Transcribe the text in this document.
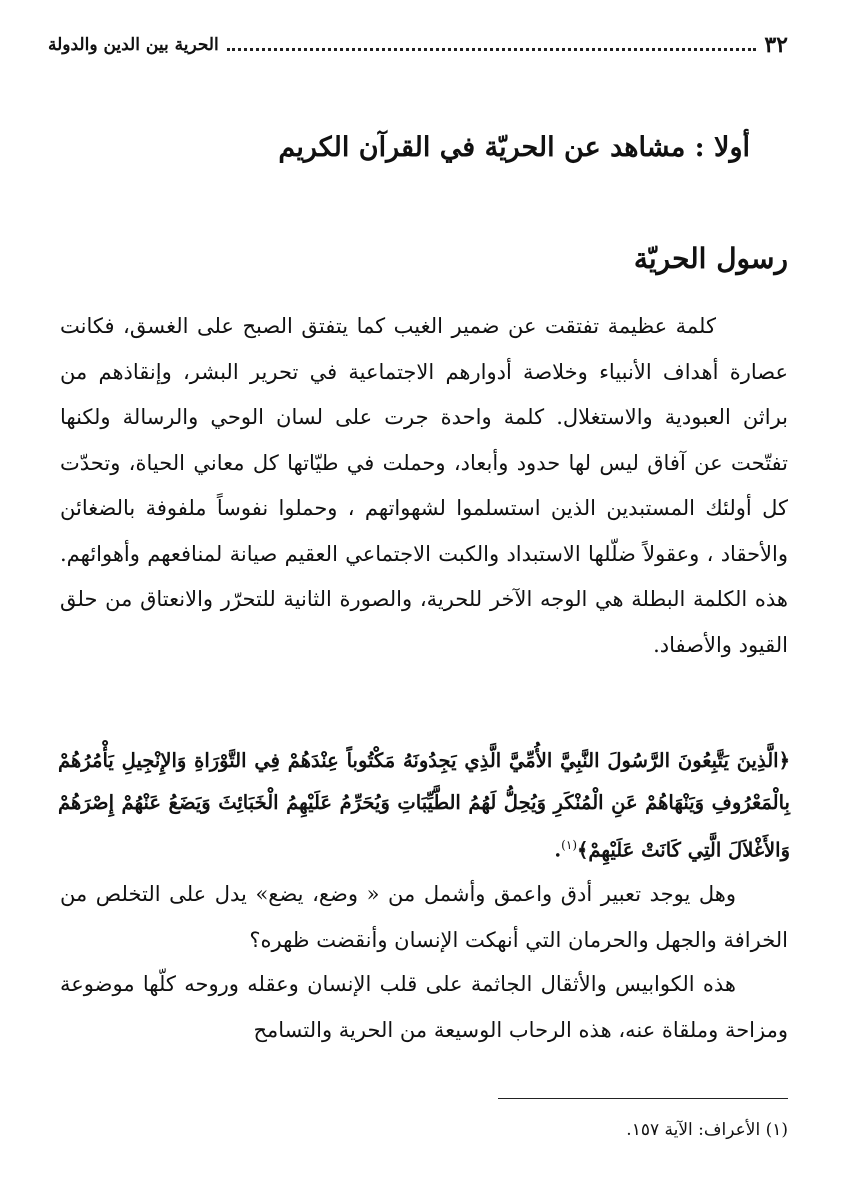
٣٢
الحرية بين الدين والدولة
أولا : مشاهد عن الحريّة في القرآن الكريم
رسول الحريّة

كلمة عظيمة تفتقت عن ضمير الغيب كما يتفتق الصبح على الغسق، فكانت عصارة أهداف الأنبياء وخلاصة أدوارهم الاجتماعية في تحرير البشر، وإنقاذهم من براثن العبودية والاستغلال. كلمة واحدة جرت على لسان الوحي والرسالة ولكنها تفتّحت عن آفاق ليس لها حدود وأبعاد، وحملت في طيّاتها كل معاني الحياة، وتحدّت كل أولئك المستبدين الذين استسلموا لشهواتهم ، وحملوا نفوساً ملفوفة بالضغائن والأحقاد ، وعقولاً ضلّلها الاستبداد والكبت الاجتماعي العقيم صيانة لمنافعهم وأهوائهم. هذه الكلمة البطلة هي الوجه الآخر للحرية، والصورة الثانية للتحرّر والانعتاق من حلق القيود والأصفاد.

﴿الَّذِينَ يَتَّبِعُونَ الرَّسُولَ النَّبِيَّ الأُمِّيَّ الَّذِي يَجِدُونَهُ مَكْتُوباً عِنْدَهُمْ فِي التَّوْرَاةِ وَالإِنْجِيلِ يَأْمُرُهُمْ بِالْمَعْرُوفِ وَيَنْهَاهُمْ عَنِ الْمُنْكَرِ وَيُحِلُّ لَهُمُ الطَّيِّبَاتِ وَيُحَرِّمُ عَلَيْهِمُ الْخَبَائِثَ وَيَضَعُ عَنْهُمْ إِصْرَهُمْ وَالأَغْلاَلَ الَّتِي كَانَتْ عَلَيْهِمْ﴾$^{(١)}$.

وهل يوجد تعبير أدق واعمق وأشمل من « وضع، يضع» يدل على التخلص من الخرافة والجهل والحرمان التي أنهكت الإنسان وأنقضت ظهره؟

هذه الكوابيس والأثقال الجاثمة على قلب الإنسان وعقله وروحه كلّها موضوعة ومزاحة وملقاة عنه، هذه الرحاب الوسيعة من الحرية والتسامح

(١) الأعراف: الآية ١٥٧.
